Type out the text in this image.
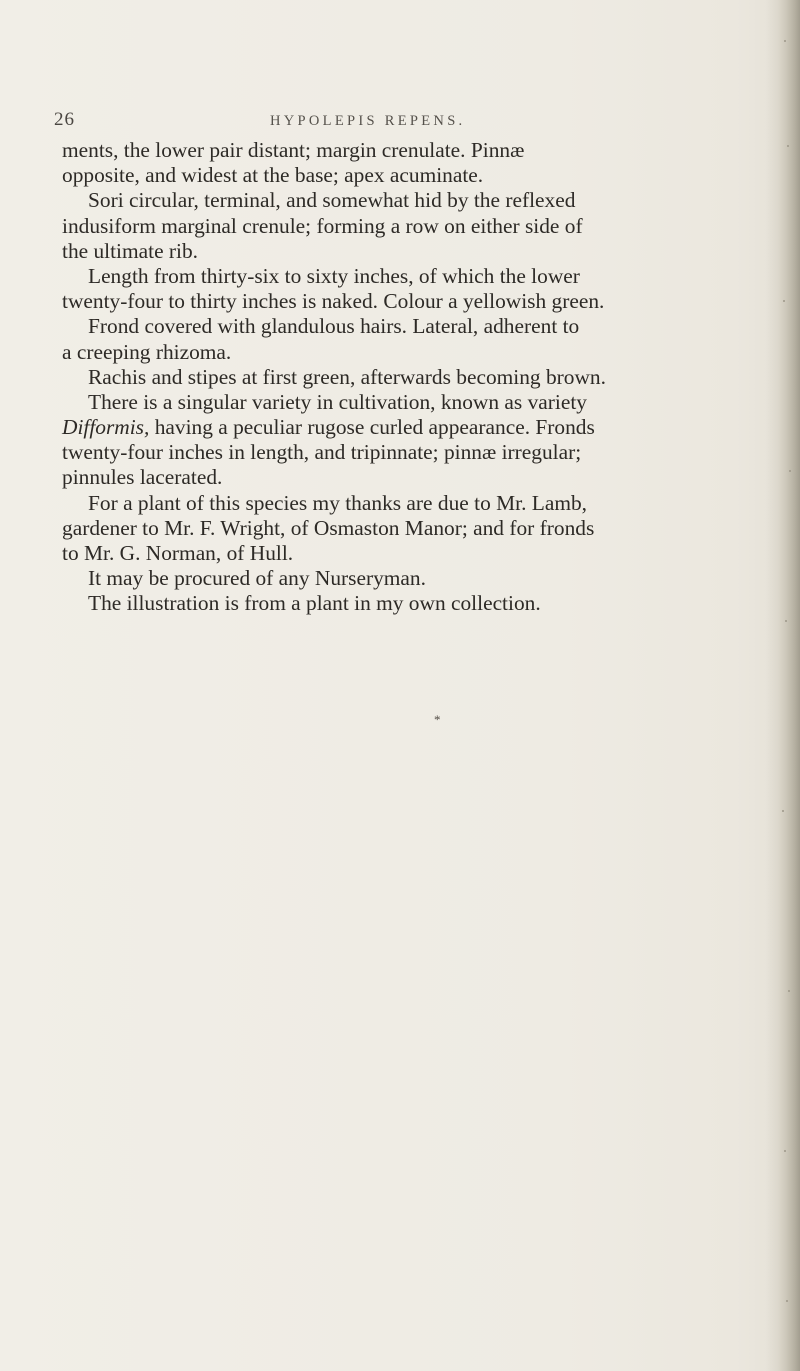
26	HYPOLEPIS REPENS.
ments, the lower pair distant; margin crenulate. Pinnæ
opposite, and widest at the base; apex acuminate.
Sori circular, terminal, and somewhat hid by the reflexed
indusiform marginal crenule; forming a row on either side of
the ultimate rib.
Length from thirty-six to sixty inches, of which the lower
twenty-four to thirty inches is naked. Colour a yellowish green.
Frond covered with glandulous hairs. Lateral, adherent to
a creeping rhizoma.
Rachis and stipes at first green, afterwards becoming brown.
There is a singular variety in cultivation, known as variety
Difformis, having a peculiar rugose curled appearance. Fronds
twenty-four inches in length, and tripinnate; pinnæ irregular;
pinnules lacerated.
For a plant of this species my thanks are due to Mr. Lamb,
gardener to Mr. F. Wright, of Osmaston Manor; and for fronds
to Mr. G. Norman, of Hull.
It may be procured of any Nurseryman.
The illustration is from a plant in my own collection.
*
